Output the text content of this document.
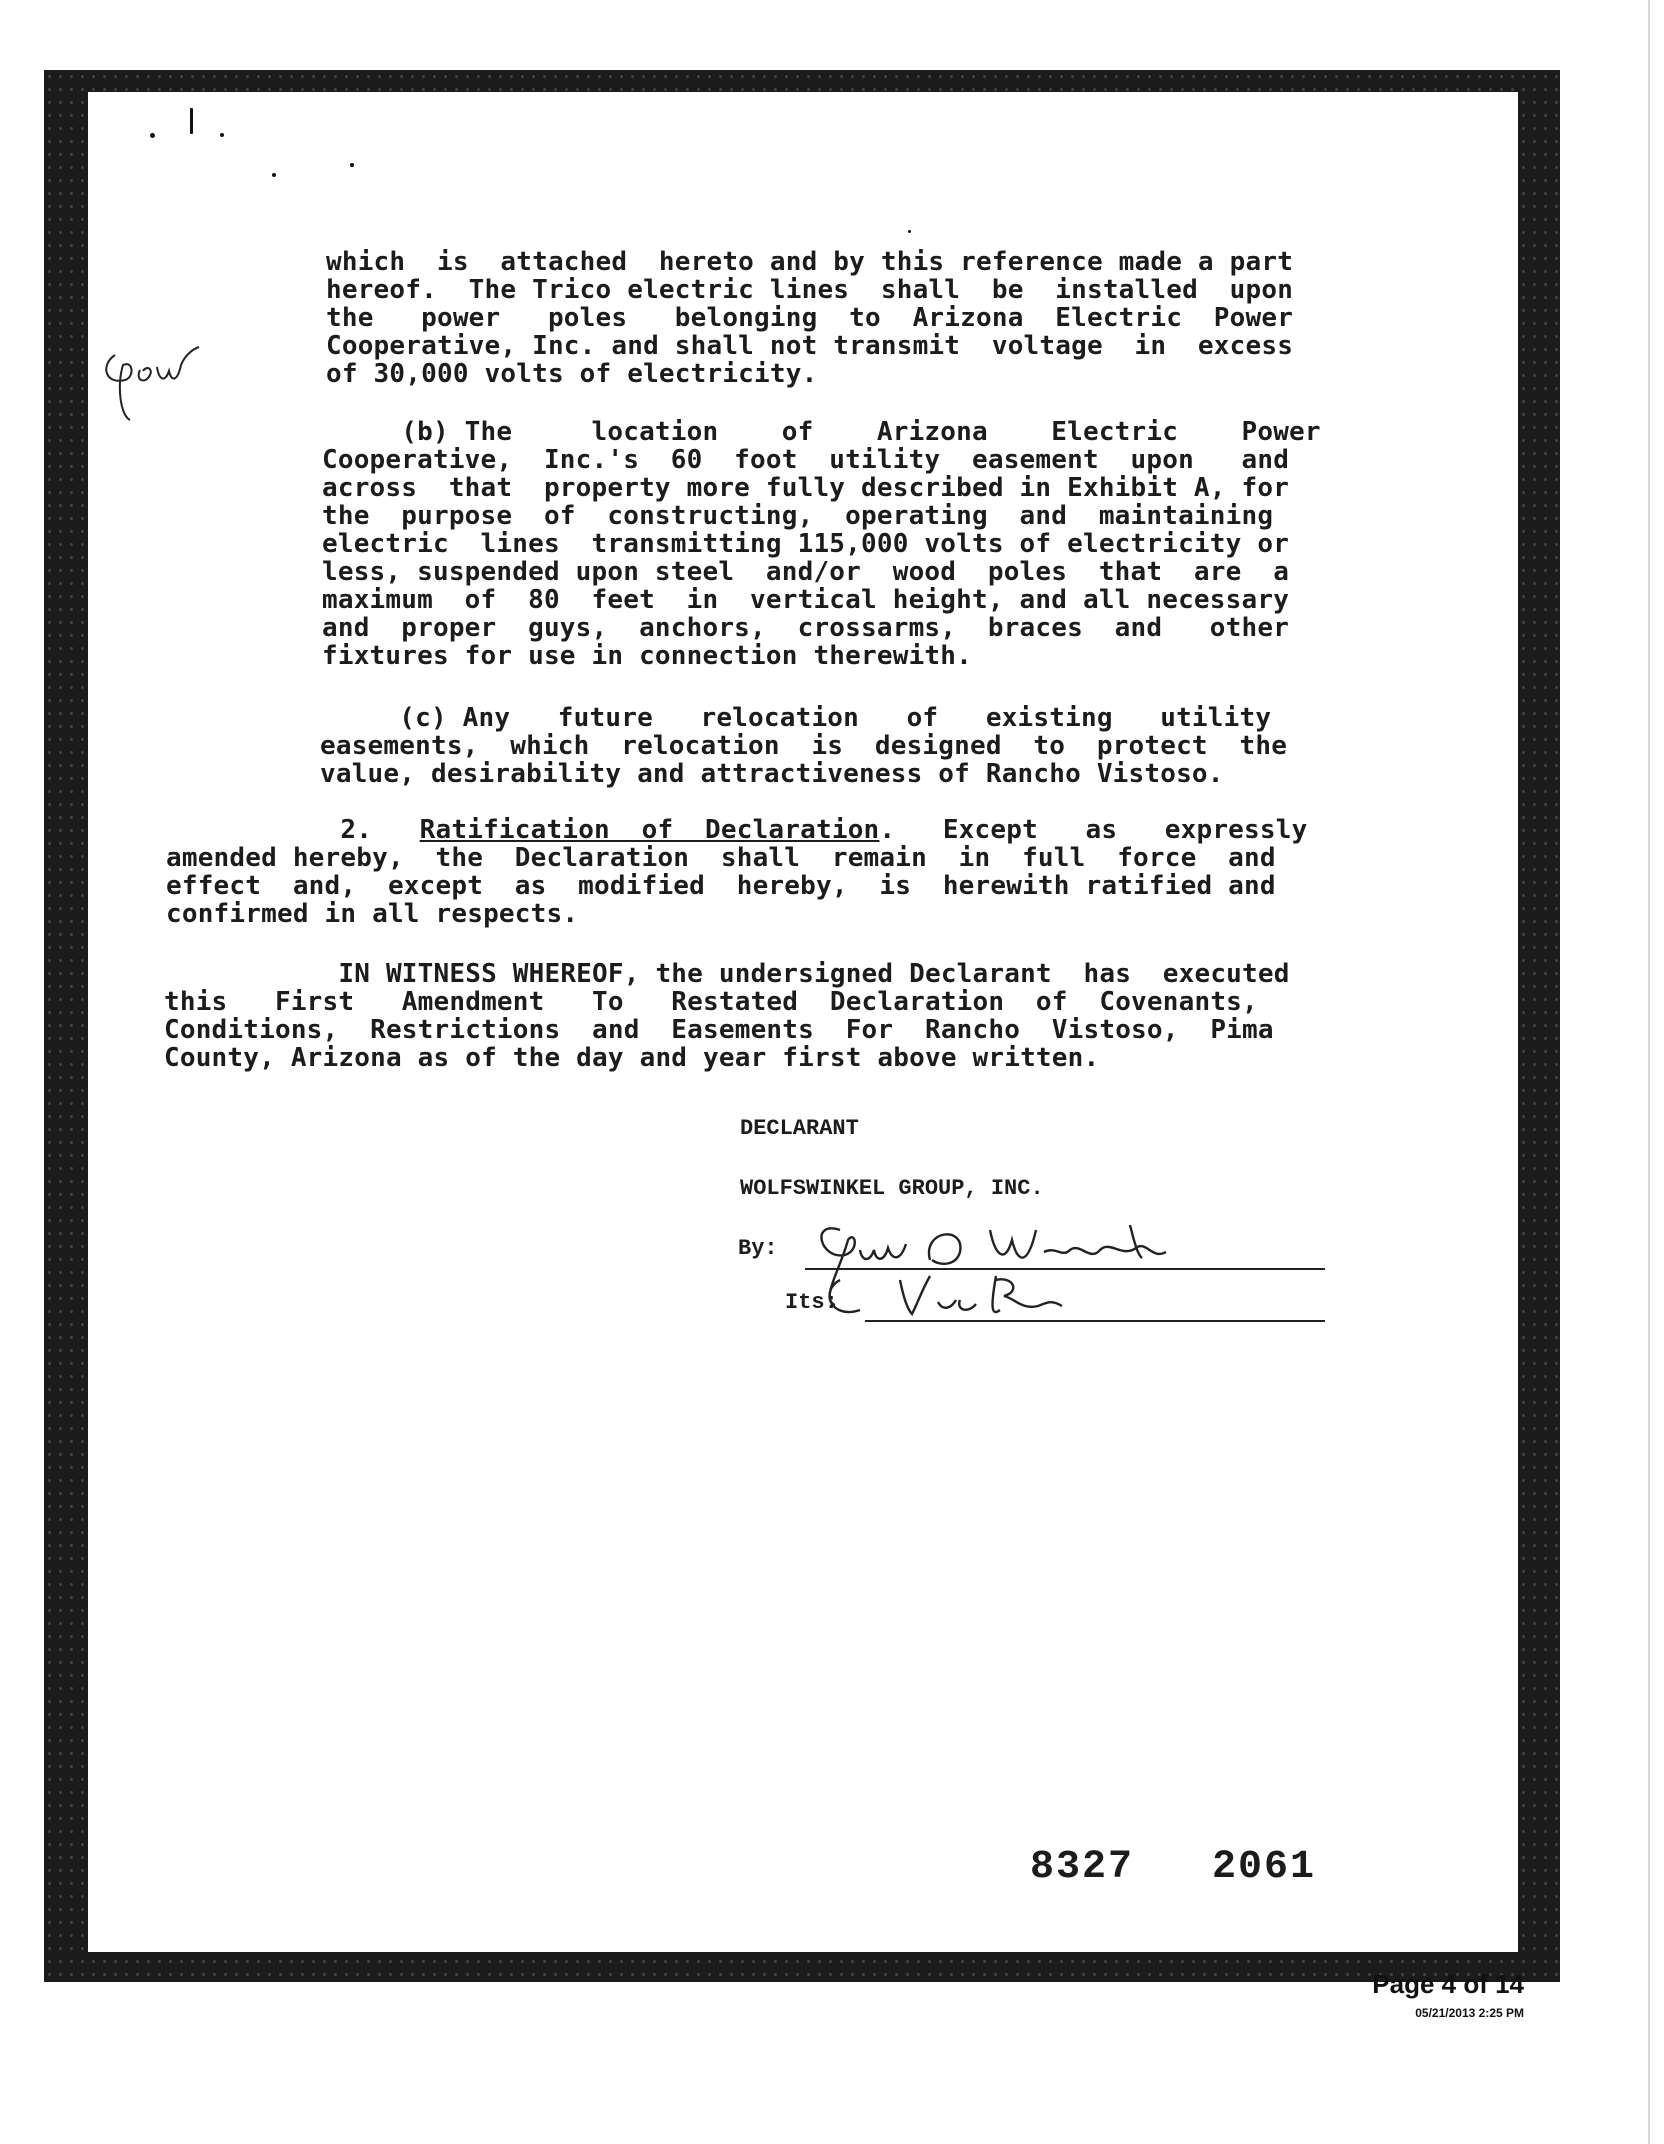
which  is  attached  hereto and by this reference made a part
hereof.  The Trico electric lines  shall  be  installed  upon
the   power   poles   belonging  to  Arizona  Electric  Power
Cooperative, Inc. and shall not transmit  voltage  in  excess
of 30,000 volts of electricity.
(b) The     location    of    Arizona    Electric    Power
Cooperative,  Inc.'s  60  foot  utility  easement  upon   and
across  that  property more fully described in Exhibit A, for
the  purpose  of  constructing,  operating  and  maintaining
electric  lines  transmitting 115,000 volts of electricity or
less, suspended upon steel  and/or  wood  poles  that  are  a
maximum  of  80  feet  in  vertical height, and all necessary
and  proper  guys,  anchors,  crossarms,  braces  and   other
fixtures for use in connection therewith.
(c) Any   future   relocation   of   existing   utility
easements,  which  relocation  is  designed  to  protect  the
value, desirability and attractiveness of Rancho Vistoso.
2.   Ratification  of  Declaration.   Except   as   expressly
amended hereby,  the  Declaration  shall  remain  in  full  force  and
effect  and,  except  as  modified  hereby,  is  herewith ratified and
confirmed in all respects.
IN WITNESS WHEREOF, the undersigned Declarant  has  executed
this   First   Amendment   To   Restated  Declaration  of  Covenants,
Conditions,  Restrictions  and  Easements  For  Rancho  Vistoso,  Pima
County, Arizona as of the day and year first above written.
DECLARANT
WOLFSWINKEL GROUP, INC.
By:
Its:
8327   2061
Page 4 of 14
05/21/2013 2:25 PM
